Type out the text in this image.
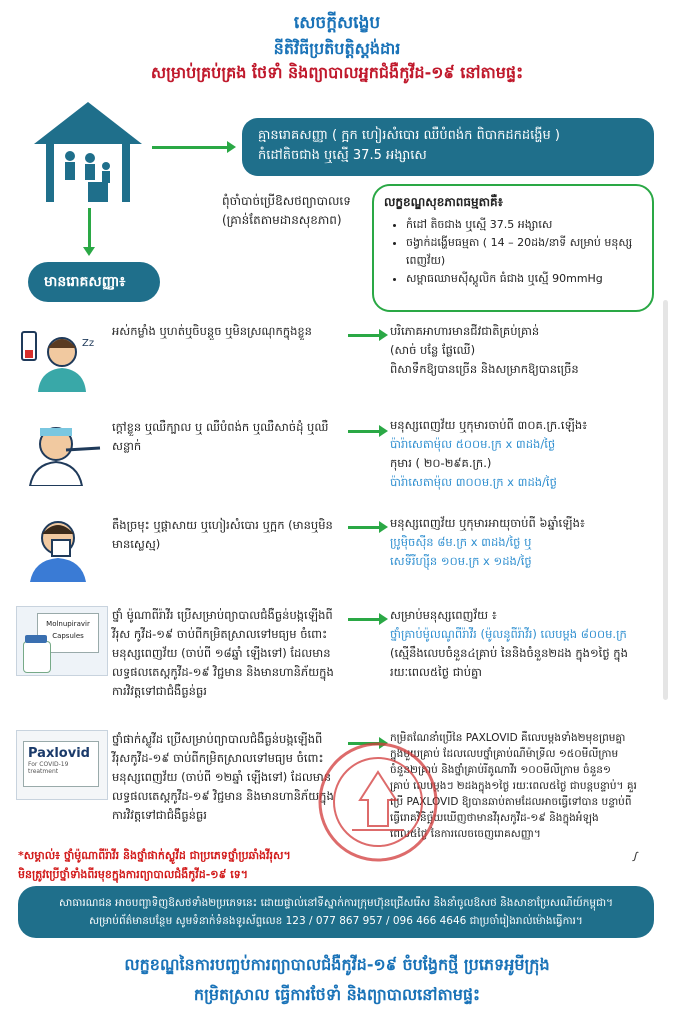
សេចក្តីសង្ខេប
នីតិវិធីប្រតិបត្តិស្តង់ដារ
សម្រាប់គ្រប់គ្រង ថែទាំ និងព្យាបាលអ្នកជំងឺកូវីដ-១៩ នៅតាមផ្ទះ
គ្មានរោគសញ្ញា ( ក្អក ហៀរសំបោរ ឈឺបំពង់ក ពិបាកដកដង្ហើម )
កំដៅតិចជាង ឬស្មើ 37.5 អង្សាសេ
ពុំចាំបាច់ប្រើឱសថព្យាបាលទេ (គ្រាន់តែតាមដានសុខភាព)
លក្ខខណ្ឌសុខភាពធម្មតាគឺ៖
• កំដៅ តិចជាង ឬស្មើ 37.5 អង្សាសេ
• ចង្វាក់ដង្ហើមធម្មតា ( 14 – 20ដង/នាទី សម្រាប់ មនុស្សពេញវ័យ)
• សម្ពាធឈាមស៊ីស្តូលិក ធំជាង ឬស្មើ 90mmHg
មានរោគសញ្ញា៖
Zz
អស់កម្លាំង ឬហត់ឬចិបន្តួច ឬមិនស្រណុកក្នុងខ្លួន	បរិភោគអាហារមានជីវជាតិគ្រប់គ្រាន់
(សាច់ បន្លែ ផ្លែឈើ)
ពិសាទឹកឱ្យបានច្រើន និងសម្រាកឱ្យបានច្រើន
ក្តៅខ្លួន ឬឈឺក្បាល ឬ ឈឺបំពង់ក ឬឈឺសាច់ដុំ ឬឈឺសន្លាក់
មនុស្សពេញវ័យ ឬកុមារចាប់ពី ៣០គ.ក្រ.ឡើង៖
ប៉ារ៉ាសេតាម៉ុល ៥០០ម.ក្រ x ៣ដង/ថ្ងៃ
កុមារ ( ២០-២៩គ.ក្រ.)
ប៉ារ៉ាសេតាម៉ុល ៣០០ម.ក្រ x ៣ដង/ថ្ងៃ
តឹងច្រមុះ ឬផ្តាសាយ ឬហៀរសំបោរ ឬក្អក (មានឬមិនមានស្លេស្ម)
មនុស្សពេញវ័យ ឬកុមារអាយុចាប់ពី ៦ឆ្នាំឡើង៖
ប្រូម៉ិចស៊ីន ៨ម.ក្រ x ៣ដង/ថ្ងៃ ឬ
សេទីរីហ្ស៊ីន ១០ម.ក្រ x ១ដង/ថ្ងៃ
Molnupiravir
Capsules
ថ្នាំ ម៉ូណាពីរ៉ាវីរ ប្រើសម្រាប់ព្យាបាលជំងឺធ្ងន់បង្កឡើងពីវីរុស កូវីដ-១៩ ចាប់ពីកម្រិតស្រាលទៅមធ្យម ចំពោះមនុស្សពេញវ័យ (ចាប់ពី ១៨ឆ្នាំ ឡើងទៅ) ដែលមានលទ្ធផលតេស្តកូវីដ-១៩ វិជ្ជមាន និងមានហានិភ័យក្នុងការវិវត្តទៅជាជំងឺធ្ងន់ធ្ងរ
សម្រាប់មនុស្សពេញវ័យ ៖
ថ្នាំគ្រាប់ម៉ូលណូពីរ៉ាវីរ (ម៉ូលនូពីរ៉ាវីរ) លេបម្តង ៨០០ម.ក្រ
(ស្មើនឹងលេបចំនួន៤គ្រាប់ នៃនិងចំនួន២ដង ក្នុង១ថ្ងៃ ក្នុង
រយៈពេល៥ថ្ងៃ ជាប់គ្នា
Paxlovid
For COVID-19 treatment
ថ្នាំផាក់ស្លូវីដ ប្រើសម្រាប់ព្យាបាលជំងឺធ្ងន់បង្កឡើងពីវីរុសកូវីដ-១៩ ចាប់ពីកម្រិតស្រាលទៅមធ្យម ចំពោះមនុស្សពេញវ័យ (ចាប់ពី ១២ឆ្នាំ ឡើងទៅ) ដែលមានលទ្ធផលតេស្តកូវីដ-១៩ វិជ្ជមាន និងមានហានិភ័យក្នុងការវិវត្តទៅជាជំងឺធ្ងន់ធ្ងរ
កម្រិតណែនាំប្រើនៃ PAXLOVID គឺលេបម្តងទាំង២មុខព្រមគ្នា
ក្នុងមួយគ្រាប់ ដែលលេបថ្នាំគ្រាប់ណឺម៉ាទ្រីល ១៥០មីលីក្រាម
ចំនួន២គ្រាប់ និងថ្នាំគ្រាប់រីតូណាវីរ ១០០មីលីក្រាម ចំនួន១
គ្រាប់ លេបម្តងៗ ២ដងក្នុង១ថ្ងៃ រយៈពេល៥ថ្ងៃ ជាបន្តបន្ទាប់។ គួរ
ប្រើ PAXLOVID ឱ្យបានឆាប់តាមដែលអាចធ្វើទៅបាន បន្ទាប់ពី
ធ្វើរោគវិនិច្ឆ័យឃើញថាមានវីរុសកូវីដ-១៩ និងក្នុងអំឡុង
ពេល៥ថ្ងៃ នៃការលេចចេញរោគសញ្ញា។
ꭍ
*សម្គាល់៖ ថ្នាំម៉ូណាពីរ៉ាវីរ និងថ្នាំផាក់ស្លូវីដ ជាប្រភេទថ្នាំប្រឆាំងវីរុស។
មិនត្រូវប្រើថ្នាំទាំងពីរមុខក្នុងការព្យាបាលជំងឺកូវីដ-១៩ ទេ។
សាធារណជន អាចបញ្ជាទិញឱសថទាំង២ប្រភេទនេះ ដោយផ្ទាល់នៅទីស្នាក់ការក្រុមហ៊ុនជ្រើសរើស និងនាំចូលឱសថ និងសាខាប្រែសណីយ៍កម្ពុជា។
សម្រាប់ព័ត៌មានបន្ថែម សូមទំនាក់ទំនងទូរស័ព្ទលេខ 123 / 077 867 957 / 096 466 4646 ជាប្រចាំរៀងរាល់ម៉ោងធ្វើការ។
លក្ខខណ្ឌនៃការបញ្ចប់ការព្យាបាលជំងឺកូវីដ-១៩ ចំបង្វែកថ្មី ប្រភេទអូមីក្រុង
កម្រិតស្រាល ធ្វើការថែទាំ និងព្យាបាលនៅតាមផ្ទះ
